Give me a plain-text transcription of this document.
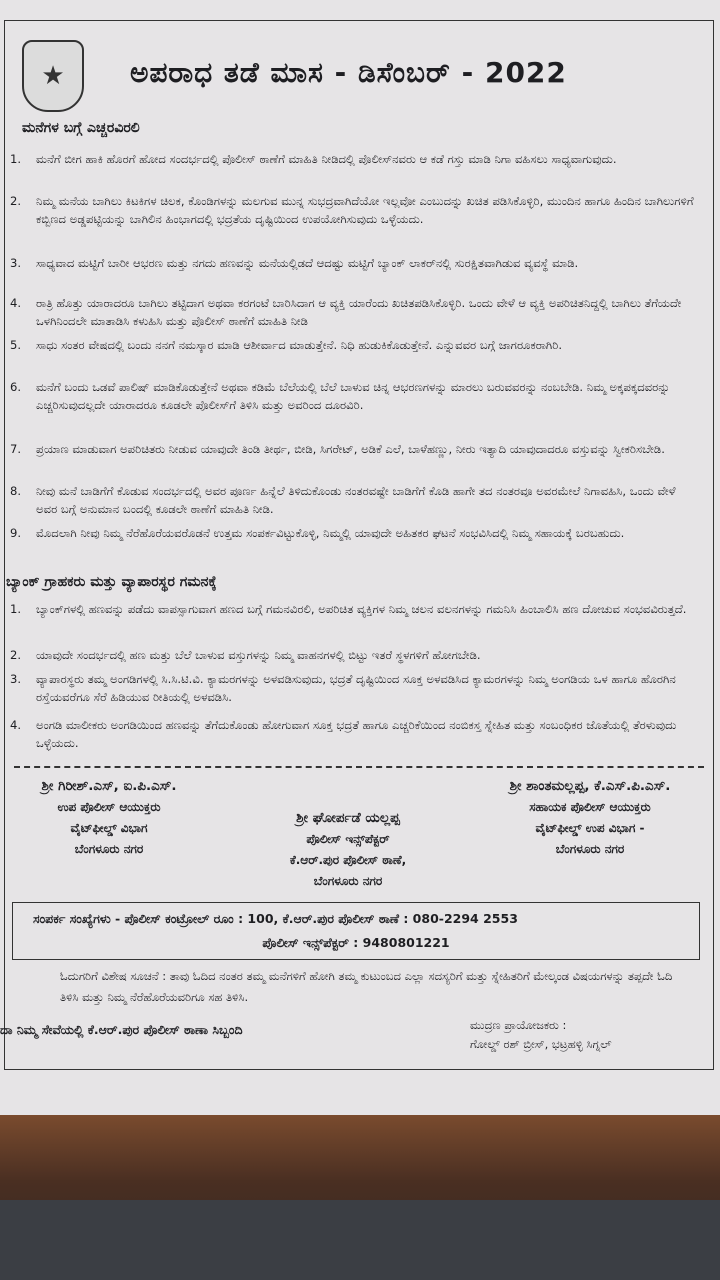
★	ಅಪರಾಧ ತಡೆ ಮಾಸ - ಡಿಸೆಂಬರ್ - 2022
ಮನೆಗಳ ಬಗ್ಗೆ ಎಚ್ಚರವಿರಲಿ
1.	ಮನೆಗೆ ಬೀಗ ಹಾಕಿ ಹೊರಗೆ ಹೋದ ಸಂದರ್ಭದಲ್ಲಿ ಪೊಲೀಸ್ ಠಾಣೆಗೆ ಮಾಹಿತಿ ನೀಡಿದಲ್ಲಿ ಪೊಲೀಸ್‌ನವರು ಆ ಕಡೆ ಗಸ್ತು ಮಾಡಿ ನಿಗಾ ವಹಿಸಲು ಸಾಧ್ಯವಾಗುವುದು.
2.	ನಿಮ್ಮ ಮನೆಯ ಬಾಗಿಲು ಕಿಟಕಿಗಳ ಚಿಲಕ, ಕೊಂಡಿಗಳನ್ನು ಮಲಗುವ ಮುನ್ನ ಸುಭದ್ರವಾಗಿದೆಯೋ ಇಲ್ಲವೋ ಎಂಬುದನ್ನು ಖಚಿತ ಪಡಿಸಿಕೊಳ್ಳಿರಿ, ಮುಂದಿನ ಹಾಗೂ ಹಿಂದಿನ ಬಾಗಿಲುಗಳಿಗೆ ಕಬ್ಬಿಣದ ಅಡ್ಡಪಟ್ಟಿಯನ್ನು ಬಾಗಿಲಿನ ಹಿಂಭಾಗದಲ್ಲಿ ಭದ್ರತೆಯ ದೃಷ್ಟಿಯಿಂದ ಉಪಯೋಗಿಸುವುದು ಒಳ್ಳೆಯದು.
3.	ಸಾಧ್ಯವಾದ ಮಟ್ಟಿಗೆ ಬಾರೀ ಆಭರಣ ಮತ್ತು ನಗದು ಹಣವನ್ನು ಮನೆಯಲ್ಲಿಡದೆ ಆದಷ್ಟು ಮಟ್ಟಿಗೆ ಬ್ಯಾಂಕ್ ಲಾಕರ್‌ನಲ್ಲಿ ಸುರಕ್ಷಿತವಾಗಿಡುವ ವ್ಯವಸ್ಥೆ ಮಾಡಿ.
4.	ರಾತ್ರಿ ಹೊತ್ತು ಯಾರಾದರೂ ಬಾಗಿಲು ತಟ್ಟಿದಾಗ ಅಥವಾ ಕರಗಂಟೆ ಬಾರಿಸಿದಾಗ ಆ ವ್ಯಕ್ತಿ ಯಾರೆಂದು ಖಚಿತಪಡಿಸಿಕೊಳ್ಳಿರಿ. ಒಂದು ವೇಳೆ ಆ ವ್ಯಕ್ತಿ ಅಪರಿಚಿತನಿದ್ದಲ್ಲಿ ಬಾಗಿಲು ತೆಗೆಯದೇ ಒಳಗಿನಿಂದಲೇ ಮಾತಾಡಿಸಿ ಕಳುಹಿಸಿ ಮತ್ತು ಪೊಲೀಸ್ ಠಾಣೆಗೆ ಮಾಹಿತಿ ನೀಡಿ
5.	ಸಾಧು ಸಂತರ ವೇಷದಲ್ಲಿ ಬಂದು ನನಗೆ ನಮಸ್ಕಾರ ಮಾಡಿ ಆಶೀರ್ವಾದ ಮಾಡುತ್ತೇನೆ. ನಿಧಿ ಹುಡುಕಿಕೊಡುತ್ತೇನೆ. ಎನ್ನುವವರ ಬಗ್ಗೆ ಜಾಗರೂಕರಾಗಿರಿ.
6.	ಮನೆಗೆ ಬಂದು ಒಡವೆ ಪಾಲಿಷ್ ಮಾಡಿಕೊಡುತ್ತೇನೆ ಅಥವಾ ಕಡಿಮೆ ಬೆಲೆಯಲ್ಲಿ ಬೆಲೆ ಬಾಳುವ ಚಿನ್ನ ಆಭರಣಗಳನ್ನು ಮಾರಲು ಬರುವವರನ್ನು ನಂಬಬೇಡಿ. ನಿಮ್ಮ ಅಕ್ಕಪಕ್ಕದವರನ್ನು ಎಚ್ಚರಿಸುವುದಲ್ಲದೇ ಯಾರಾದರೂ ಕೂಡಲೇ ಪೊಲೀಸ್‌ಗೆ ತಿಳಿಸಿ ಮತ್ತು ಅವರಿಂದ ದೂರವಿರಿ.
7.	ಪ್ರಯಾಣ ಮಾಡುವಾಗ ಅಪರಿಚಿತರು ನೀಡುವ ಯಾವುದೇ ತಿಂಡಿ ತೀರ್ಥ, ಬೀಡಿ, ಸಿಗರೇಟ್, ಅಡಿಕೆ ಎಲೆ, ಬಾಳೆಹಣ್ಣು, ನೀರು ಇತ್ಯಾದಿ ಯಾವುದಾದರೂ ವಸ್ತುವನ್ನು ಸ್ವೀಕರಿಸಬೇಡಿ.
8.	ನೀವು ಮನೆ ಬಾಡಿಗೆಗೆ ಕೊಡುವ ಸಂದರ್ಭದಲ್ಲಿ ಅವರ ಪೂರ್ಣ ಹಿನ್ನೆಲೆ ತಿಳಿದುಕೊಂಡು ನಂತರವಷ್ಟೇ ಬಾಡಿಗೆಗೆ ಕೊಡಿ ಹಾಗೇ ತದ ನಂತರವೂ ಅವರಮೇಲೆ ನಿಗಾವಹಿಸಿ, ಒಂದು ವೇಳೆ ಅವರ ಬಗ್ಗೆ ಅನುಮಾನ ಬಂದಲ್ಲಿ ಕೂಡಲೇ ಠಾಣೆಗೆ ಮಾಹಿತಿ ನೀಡಿ.
9.	ಮೊದಲಾಗಿ ನೀವು ನಿಮ್ಮ ನೆರೆಹೊರೆಯವರೊಡನೆ ಉತ್ತಮ ಸಂಪರ್ಕವಿಟ್ಟುಕೊಳ್ಳಿ, ನಿಮ್ಮಲ್ಲಿ ಯಾವುದೇ ಅಹಿತಕರ ಘಟನೆ ಸಂಭವಿಸಿದಲ್ಲಿ ನಿಮ್ಮ ಸಹಾಯಕ್ಕೆ ಬರಬಹುದು.
ಬ್ಯಾಂಕ್ ಗ್ರಾಹಕರು ಮತ್ತು ವ್ಯಾಪಾರಸ್ಥರ ಗಮನಕ್ಕೆ
1.	ಬ್ಯಾಂಕ್‌ಗಳಲ್ಲಿ ಹಣವನ್ನು ಪಡೆದು ವಾಪಸ್ಸಾಗುವಾಗ ಹಣದ ಬಗ್ಗೆ ಗಮನವಿರಲಿ, ಅಪರಿಚಿತ ವ್ಯಕ್ತಿಗಳ ನಿಮ್ಮ ಚಲನ ವಲನಗಳನ್ನು ಗಮನಿಸಿ ಹಿಂಬಾಲಿಸಿ ಹಣ ದೋಚುವ ಸಂಭವವಿರುತ್ತದೆ.
2.	ಯಾವುದೇ ಸಂದರ್ಭದಲ್ಲಿ ಹಣ ಮತ್ತು ಬೆಲೆ ಬಾಳುವ ವಸ್ತುಗಳನ್ನು ನಿಮ್ಮ ವಾಹನಗಳಲ್ಲಿ ಬಿಟ್ಟು ಇತರೆ ಸ್ಥಳಗಳಿಗೆ ಹೋಗಬೇಡಿ.
3.	ವ್ಯಾಪಾರಸ್ಥರು ತಮ್ಮ ಅಂಗಡಿಗಳಲ್ಲಿ ಸಿ.ಸಿ.ಟಿ.ವಿ. ಕ್ಯಾಮರಗಳನ್ನು ಅಳವಡಿಸುವುದು, ಭದ್ರತೆ ದೃಷ್ಟಿಯಿಂದ ಸೂಕ್ತ ಅಳವಡಿಸಿದ ಕ್ಯಾಮರಗಳನ್ನು ನಿಮ್ಮ ಅಂಗಡಿಯ ಒಳ ಹಾಗೂ ಹೊರಗಿನ ರಸ್ತೆಯವರೆಗೂ ಸೆರೆ ಹಿಡಿಯುವ ರೀತಿಯಲ್ಲಿ ಅಳವಡಿಸಿ.
4.	ಅಂಗಡಿ ಮಾಲೀಕರು ಅಂಗಡಿಯಿಂದ ಹಣವನ್ನು ತೆಗೆದುಕೊಂಡು ಹೋಗುವಾಗ ಸೂಕ್ತ ಭದ್ರತೆ ಹಾಗೂ ಎಚ್ಚರಿಕೆಯಿಂದ ನಂಬಿಕಸ್ತ ಸ್ನೇಹಿತ ಮತ್ತು ಸಂಬಂಧಿಕರ ಜೊತೆಯಲ್ಲಿ ತೆರಳುವುದು ಒಳ್ಳೆಯದು.
ಶ್ರೀ ಗಿರೀಶ್.ಎಸ್, ಐ.ಪಿ.ಎಸ್.
ಉಪ ಪೊಲೀಸ್ ಆಯುಕ್ತರು
ವೈಟ್‌ಫೀಲ್ಡ್ ವಿಭಾಗ
ಬೆಂಗಳೂರು ನಗರ
ಶ್ರೀ ಘೋರ್ಪಡೆ ಯಲ್ಲಪ್ಪ
ಪೊಲೀಸ್ ಇನ್ಸ್‌ಪೆಕ್ಟರ್
ಕೆ.ಆರ್.ಪುರ ಪೊಲೀಸ್ ಠಾಣೆ,
ಬೆಂಗಳೂರು ನಗರ
ಶ್ರೀ ಶಾಂತಮಲ್ಲಪ್ಪ, ಕೆ.ಎಸ್.ಪಿ.ಎಸ್.
ಸಹಾಯಕ ಪೊಲೀಸ್ ಆಯುಕ್ತರು
ವೈಟ್‌ಫೀಲ್ಡ್ ಉಪ ವಿಭಾಗ -
ಬೆಂಗಳೂರು ನಗರ
ಸಂಪರ್ಕ ಸಂಖ್ಯೆಗಳು - ಪೊಲೀಸ್ ಕಂಟ್ರೋಲ್ ರೂಂ : 100, ಕೆ.ಆರ್.ಪುರ ಪೊಲೀಸ್ ಠಾಣೆ : 080-2294 2553
ಪೊಲೀಸ್ ಇನ್ಸ್‌ಪೆಕ್ಟರ್ : 9480801221
ಓದುಗರಿಗೆ ವಿಶೇಷ ಸೂಚನೆ : ತಾವು ಓದಿದ ನಂತರ ತಮ್ಮ ಮನೆಗಳಿಗೆ ಹೋಗಿ ತಮ್ಮ ಕುಟುಂಬದ ಎಲ್ಲಾ ಸದಸ್ಯರಿಗೆ ಮತ್ತು ಸ್ನೇಹಿತರಿಗೆ ಮೇಲ್ಕಂಡ ವಿಷಯಗಳನ್ನು ತಪ್ಪದೇ ಓದಿ ತಿಳಿಸಿ ಮತ್ತು ನಿಮ್ಮ ನೆರೆಹೊರೆಯವರಿಗೂ ಸಹ ತಿಳಿಸಿ.
ದಾ ನಿಮ್ಮ ಸೇವೆಯಲ್ಲಿ ಕೆ.ಆರ್.ಪುರ ಪೊಲೀಸ್ ಠಾಣಾ ಸಿಬ್ಬಂದಿ	ಮುದ್ರಣ ಪ್ರಾಯೋಜಕರು :
ಗೋಲ್ಡ್ ರಶ್ ಬ್ರೀಸ್, ಭಟ್ರಹಳ್ಳಿ ಸಿಗ್ನಲ್
